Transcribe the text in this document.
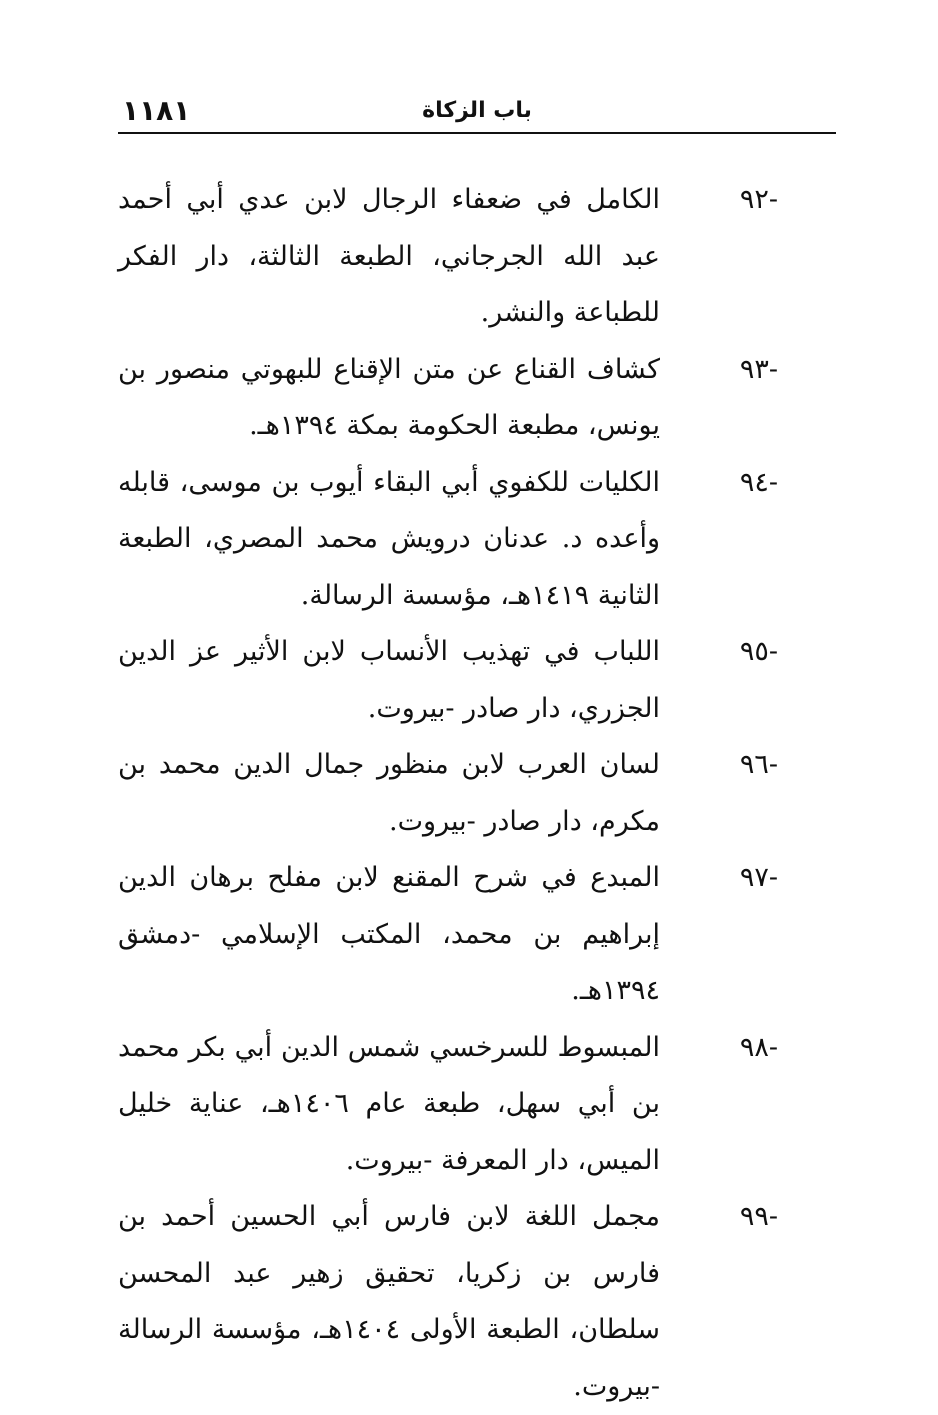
١١٨١	باب الزكاة
-٩٢
الكامل في ضعفاء الرجال لابن عدي أبي أحمد عبد الله الجرجاني، الطبعة الثالثة، دار الفكر للطباعة والنشر.
-٩٣
كشاف القناع عن متن الإقناع للبهوتي منصور بن يونس، مطبعة الحكومة بمكة ١٣٩٤هـ.
-٩٤
الكليات للكفوي أبي البقاء أيوب بن موسى، قابله وأعده د. عدنان درويش محمد المصري، الطبعة الثانية ١٤١٩هـ، مؤسسة الرسالة.
-٩٥
اللباب في تهذيب الأنساب لابن الأثير عز الدين الجزري، دار صادر -بيروت.
-٩٦
لسان العرب لابن منظور جمال الدين محمد بن مكرم، دار صادر -بيروت.
-٩٧
المبدع في شرح المقنع لابن مفلح برهان الدين إبراهيم بن محمد، المكتب الإسلامي -دمشق ١٣٩٤هـ.
-٩٨
المبسوط للسرخسي شمس الدين أبي بكر محمد بن أبي سهل، طبعة عام ١٤٠٦هـ، عناية خليل الميس، دار المعرفة -بيروت.
-٩٩
مجمل اللغة لابن فارس أبي الحسين أحمد بن فارس بن زكريا، تحقيق زهير عبد المحسن سلطان، الطبعة الأولى ١٤٠٤هـ، مؤسسة الرسالة -بيروت.
